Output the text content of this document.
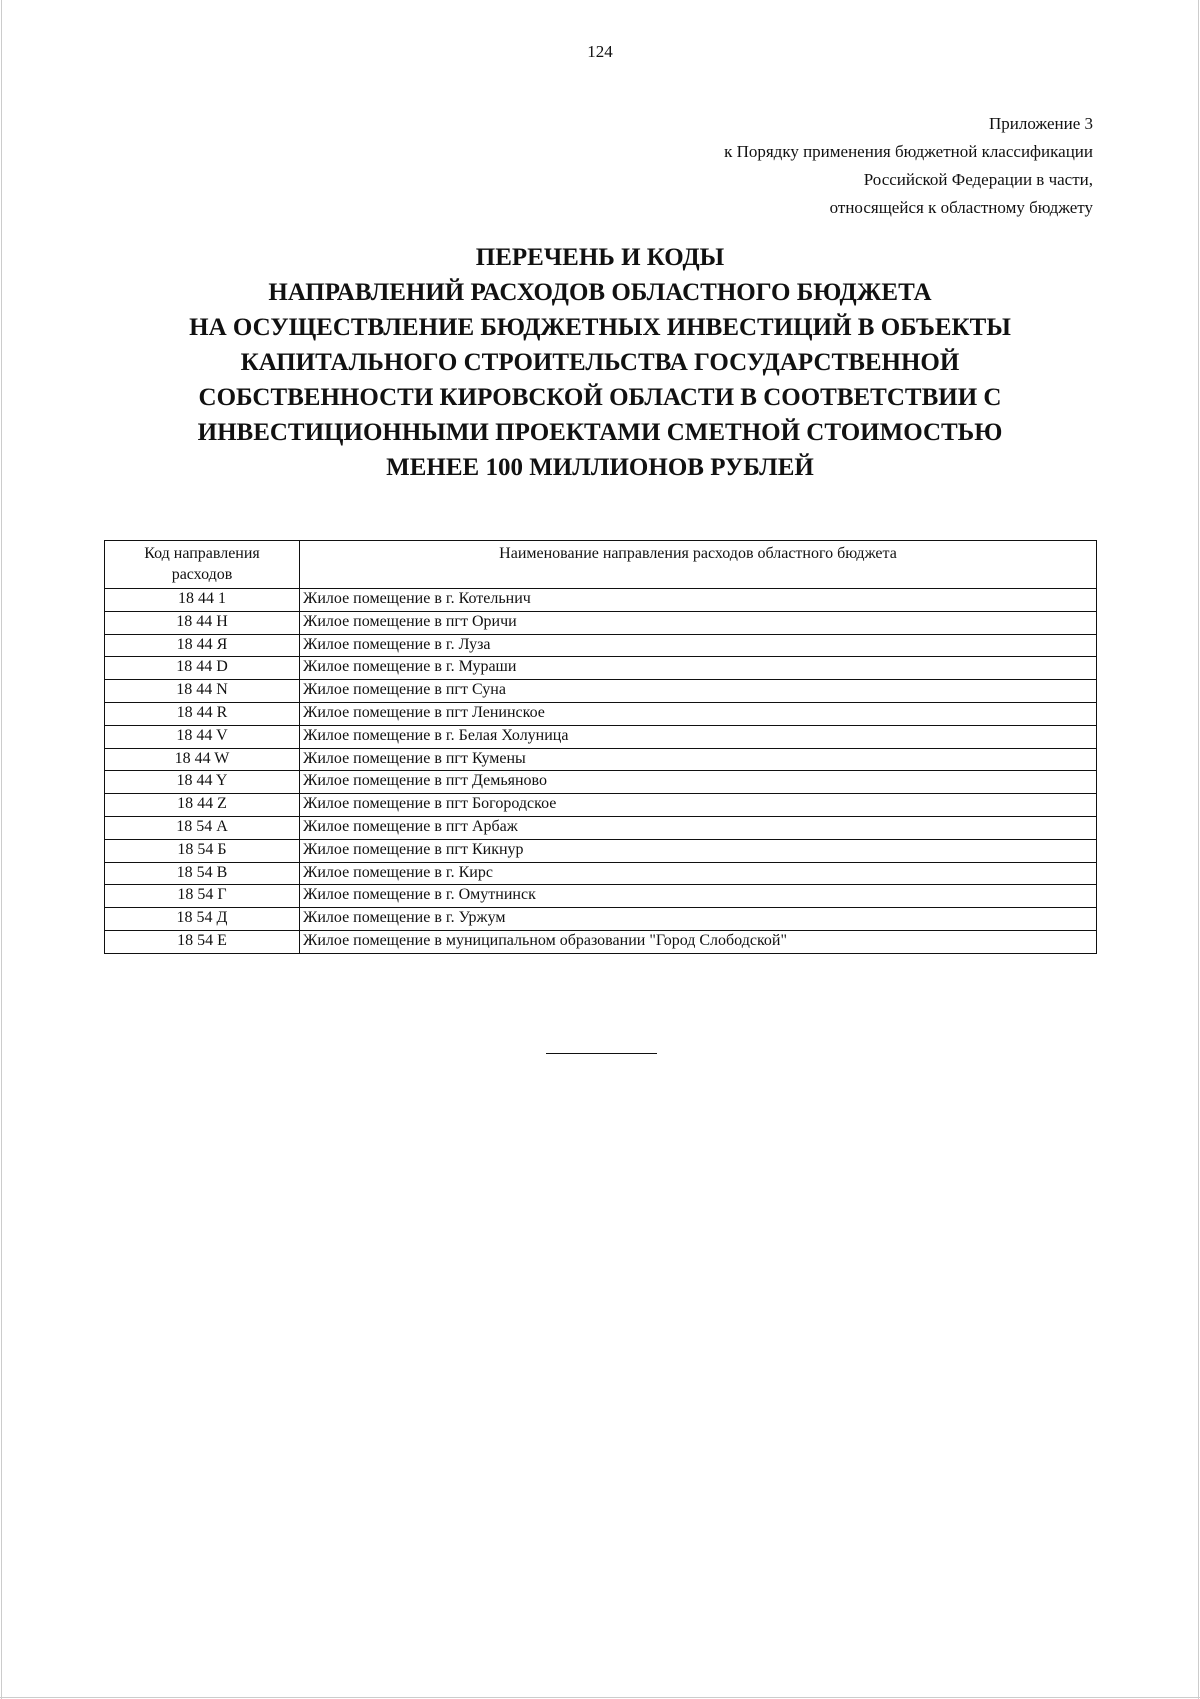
124
Приложение 3
к Порядку применения бюджетной классификации
Российской Федерации в части,
относящейся к областному бюджету
ПЕРЕЧЕНЬ И КОДЫ
НАПРАВЛЕНИЙ РАСХОДОВ ОБЛАСТНОГО БЮДЖЕТА
НА ОСУЩЕСТВЛЕНИЕ БЮДЖЕТНЫХ ИНВЕСТИЦИЙ В ОБЪЕКТЫ
КАПИТАЛЬНОГО СТРОИТЕЛЬСТВА ГОСУДАРСТВЕННОЙ
СОБСТВЕННОСТИ КИРОВСКОЙ ОБЛАСТИ В СООТВЕТСТВИИ С
ИНВЕСТИЦИОННЫМИ ПРОЕКТАМИ СМЕТНОЙ СТОИМОСТЬЮ
МЕНЕЕ 100 МИЛЛИОНОВ РУБЛЕЙ
Код направления
расходов	Наименование направления расходов областного бюджета
18 44 1	Жилое помещение в г. Котельнич
18 44 Н	Жилое помещение в пгт Оричи
18 44 Я	Жилое помещение в г. Луза
18 44 D	Жилое помещение в г. Мураши
18 44 N	Жилое помещение в пгт Суна
18 44 R	Жилое помещение в пгт Ленинское
18 44 V	Жилое помещение в г. Белая Холуница
18 44 W	Жилое помещение в пгт Кумены
18 44 Y	Жилое помещение в пгт Демьяново
18 44 Z	Жилое помещение в пгт Богородское
18 54 А	Жилое помещение в пгт Арбаж
18 54 Б	Жилое помещение в пгт Кикнур
18 54 В	Жилое помещение в г. Кирс
18 54 Г	Жилое помещение в г. Омутнинск
18 54 Д	Жилое помещение в г. Уржум
18 54 Е	Жилое помещение в муниципальном образовании "Город Слободской"
